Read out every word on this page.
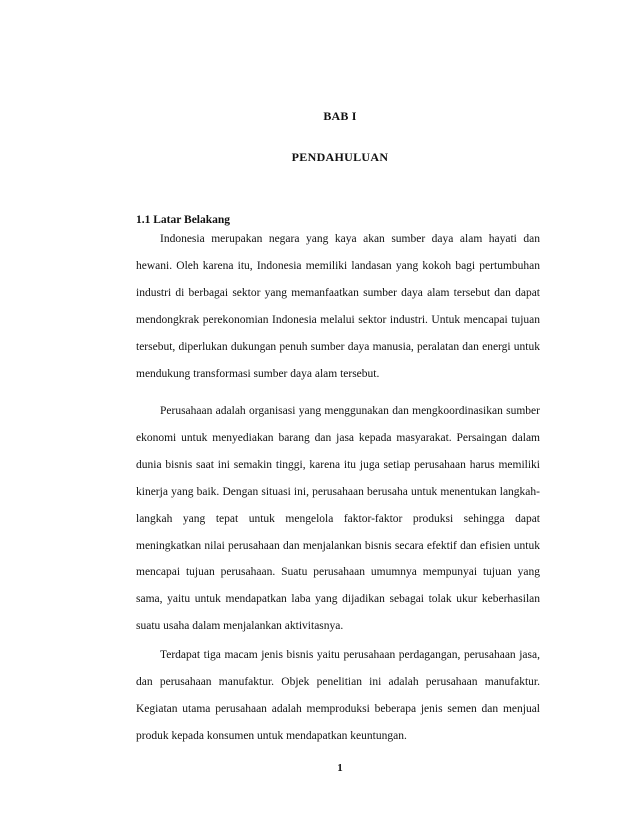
BAB I
PENDAHULUAN
1.1 Latar Belakang

Indonesia merupakan negara yang kaya akan sumber daya alam hayati dan hewani. Oleh karena itu, Indonesia memiliki landasan yang kokoh bagi pertumbuhan industri di berbagai sektor yang memanfaatkan sumber daya alam tersebut dan dapat mendongkrak perekonomian Indonesia melalui sektor industri. Untuk mencapai tujuan tersebut, diperlukan dukungan penuh sumber daya manusia, peralatan dan energi untuk mendukung transformasi sumber daya alam tersebut.

Perusahaan adalah organisasi yang menggunakan dan mengkoordinasikan sumber ekonomi untuk menyediakan barang dan jasa kepada masyarakat. Persaingan dalam dunia bisnis saat ini semakin tinggi, karena itu juga setiap perusahaan harus memiliki kinerja yang baik. Dengan situasi ini, perusahaan berusaha untuk menentukan langkah-langkah yang tepat untuk mengelola faktor-faktor produksi sehingga dapat meningkatkan nilai perusahaan dan menjalankan bisnis secara efektif dan efisien untuk mencapai tujuan perusahaan. Suatu perusahaan umumnya mempunyai tujuan yang sama, yaitu untuk mendapatkan laba yang dijadikan sebagai tolak ukur keberhasilan suatu usaha dalam menjalankan aktivitasnya.

Terdapat tiga macam jenis bisnis yaitu perusahaan perdagangan, perusahaan jasa, dan perusahaan manufaktur. Objek penelitian ini adalah perusahaan manufaktur. Kegiatan utama perusahaan adalah memproduksi beberapa jenis semen dan menjual produk kepada konsumen untuk mendapatkan keuntungan.

1
